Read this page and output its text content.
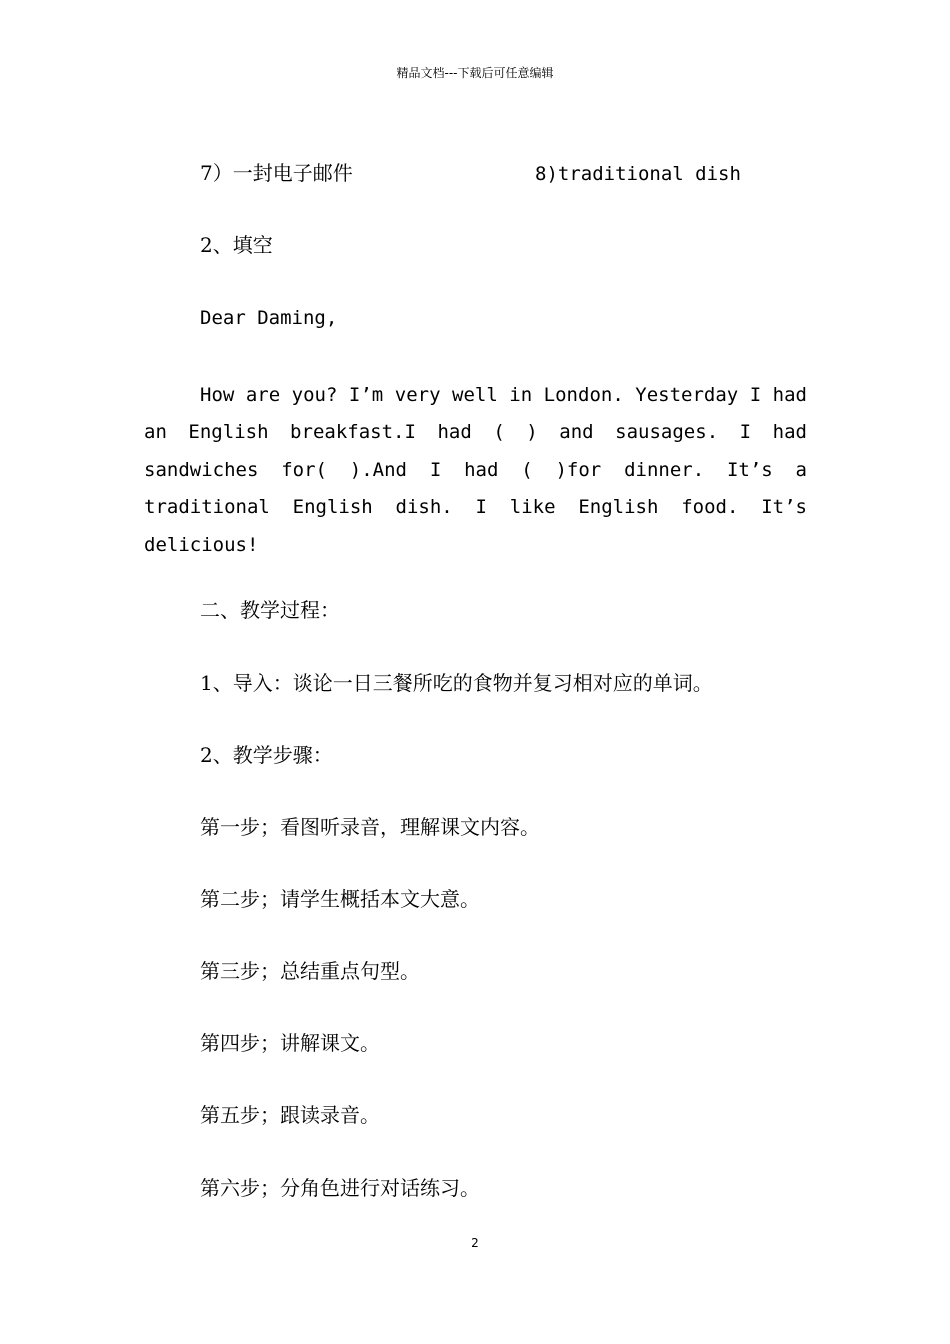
精品文档---下载后可任意编辑
7）一封电子邮件	8)traditional dish
2、填空
Dear Daming,
How are you? I’m very well in London. Yesterday I had an English breakfast.I had ( ) and sausages. I had sandwiches for( ).And I had ( )for dinner. It’s a traditional English dish. I like English food. It’s delicious!
二、教学过程：
1、导入：谈论一日三餐所吃的食物并复习相对应的单词。
2、教学步骤：
第一步；看图听录音，理解课文内容。
第二步；请学生概括本文大意。
第三步；总结重点句型。
第四步；讲解课文。
第五步；跟读录音。
第六步；分角色进行对话练习。
2
